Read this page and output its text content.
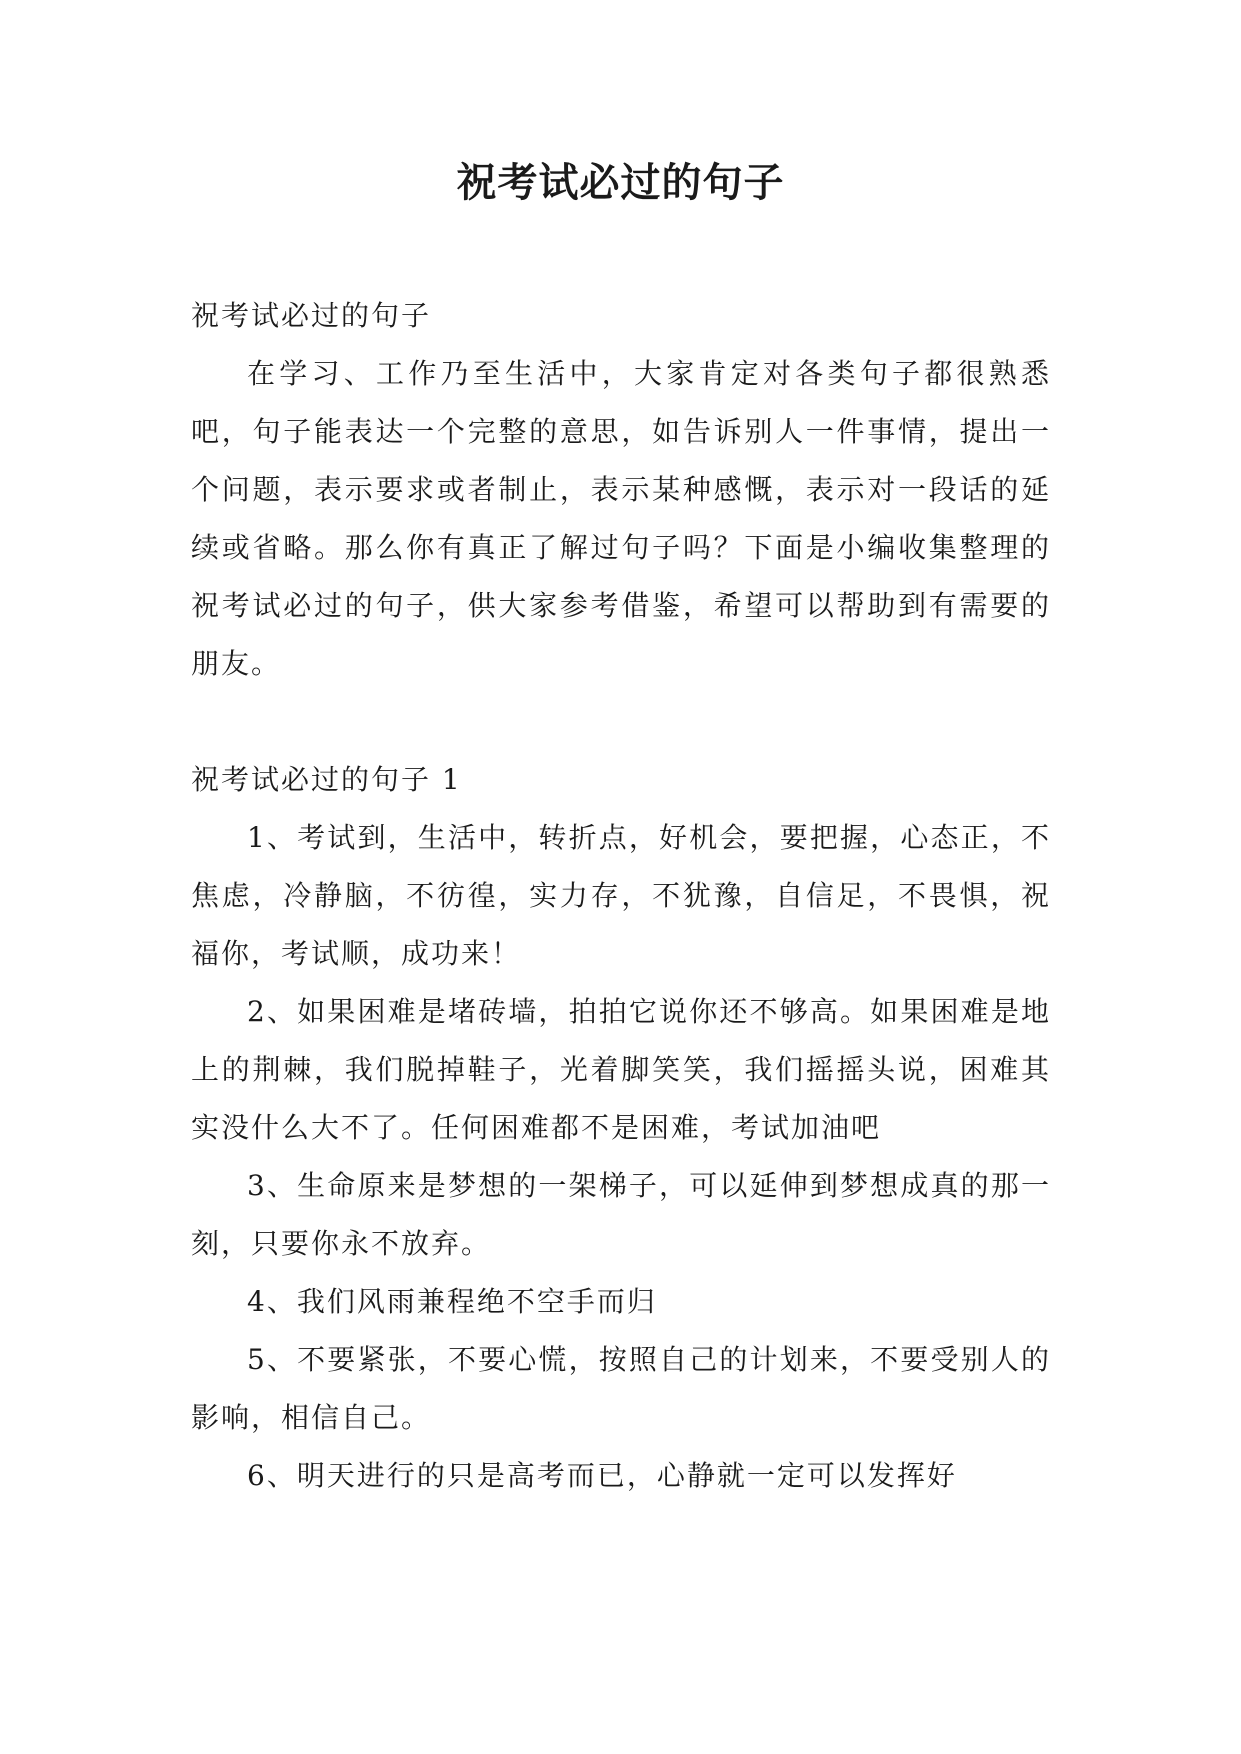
祝考试必过的句子

祝考试必过的句子

在学习、工作乃至生活中，大家肯定对各类句子都很熟悉吧，句子能表达一个完整的意思，如告诉别人一件事情，提出一个问题，表示要求或者制止，表示某种感慨，表示对一段话的延续或省略。那么你有真正了解过句子吗？下面是小编收集整理的祝考试必过的句子，供大家参考借鉴，希望可以帮助到有需要的朋友。

祝考试必过的句子 1

1、考试到，生活中，转折点，好机会，要把握，心态正，不焦虑，冷静脑，不彷徨，实力存，不犹豫，自信足，不畏惧，祝福你，考试顺，成功来！

2、如果困难是堵砖墙，拍拍它说你还不够高。如果困难是地上的荆棘，我们脱掉鞋子，光着脚笑笑，我们摇摇头说，困难其实没什么大不了。任何困难都不是困难，考试加油吧

3、生命原来是梦想的一架梯子，可以延伸到梦想成真的那一刻，只要你永不放弃。

4、我们风雨兼程绝不空手而归

5、不要紧张，不要心慌，按照自己的计划来，不要受别人的影响，相信自己。

6、明天进行的只是高考而已，心静就一定可以发挥好
